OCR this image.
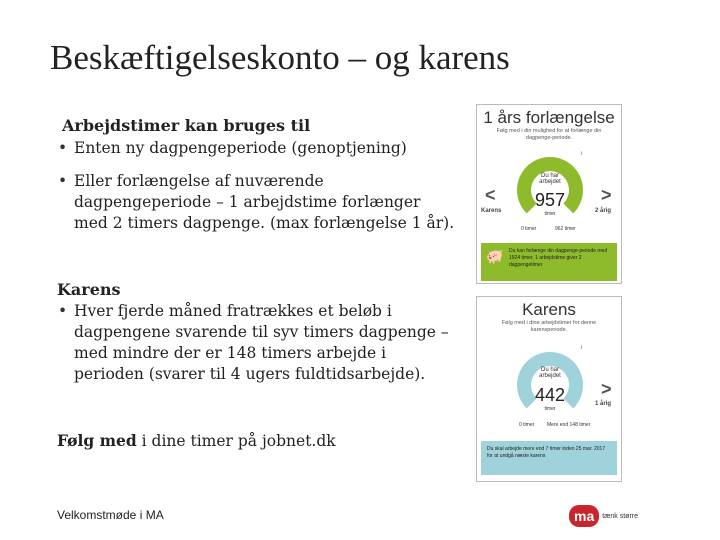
Beskæftigelseskonto – og karens
Arbejdstimer kan bruges til
• Enten ny dagpengeperiode (genoptjening)
• Eller forlængelse af nuværende dagpengeperiode – 1 arbejdstime forlænger med 2 timers dagpenge. (max forlængelse 1 år).
Karens
• Hver fjerde måned fratrækkes et beløb i dagpengene svarende til syv timers dagpenge – med mindre der er 148 timers arbejde i perioden (svarer til 4 ugers fuldtidsarbejde).
Følg med i dine timer på jobnet.dk
1 års forlængelse
Følg med i din mulighed for at forlænge din dagpenge-periode.
i
Du har arbejdet
957
timer
<
Karens
>
2 årig
0 timer	962 timer
🐖 Du kan forlænge din dagpenge-periode med 1924 timer. 1 arbejdstime giver 2 dagpengetimer
Karens
Følg med i dine arbejdstimer for denne karensperiode.
i
Du har arbejdet
442
timer
>
1 årig
0 timer	Mere end 148 timer
Du skal arbejde mere end 7 timer inden 25 mar. 2017 for at undgå næste karens
Velkomstmøde i MA	ma	tænk større
